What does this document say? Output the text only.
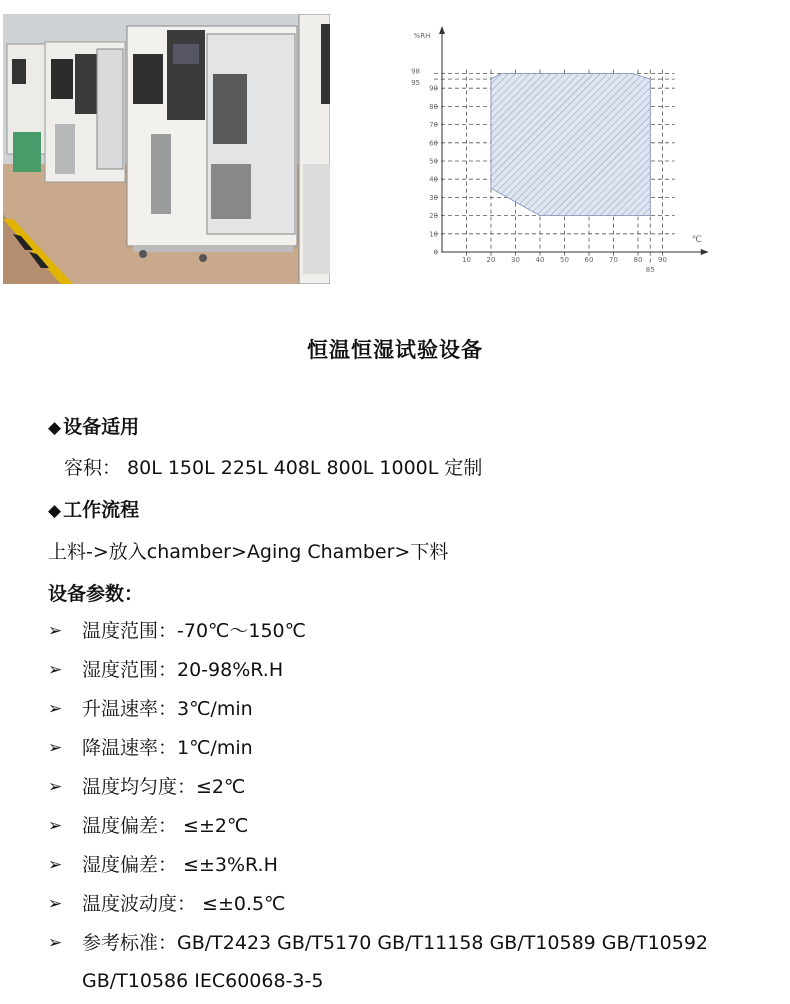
10
20
30
40
50
60
70
80
90
0
95
98
10 20 30 40 50 60 70 80 90
85
%RH
℃
恒温恒湿试验设备
◆ 设备适用
容积： 80L 150L 225L 408L 800L 1000L 定制
◆ 工作流程
上料->放入chamber>Aging Chamber>下料
设备参数：
➢ 温度范围：-70℃～150℃
➢ 湿度范围：20-98%R.H
➢ 升温速率：3℃/min
➢ 降温速率：1℃/min
➢ 温度均匀度：≤2℃
➢ 温度偏差： ≤±2℃
➢ 湿度偏差： ≤±3%R.H
➢ 温度波动度： ≤±0.5℃
➢ 参考标准：GB/T2423 GB/T5170 GB/T11158 GB/T10589 GB/T10592
GB/T10586 IEC60068-3-5
